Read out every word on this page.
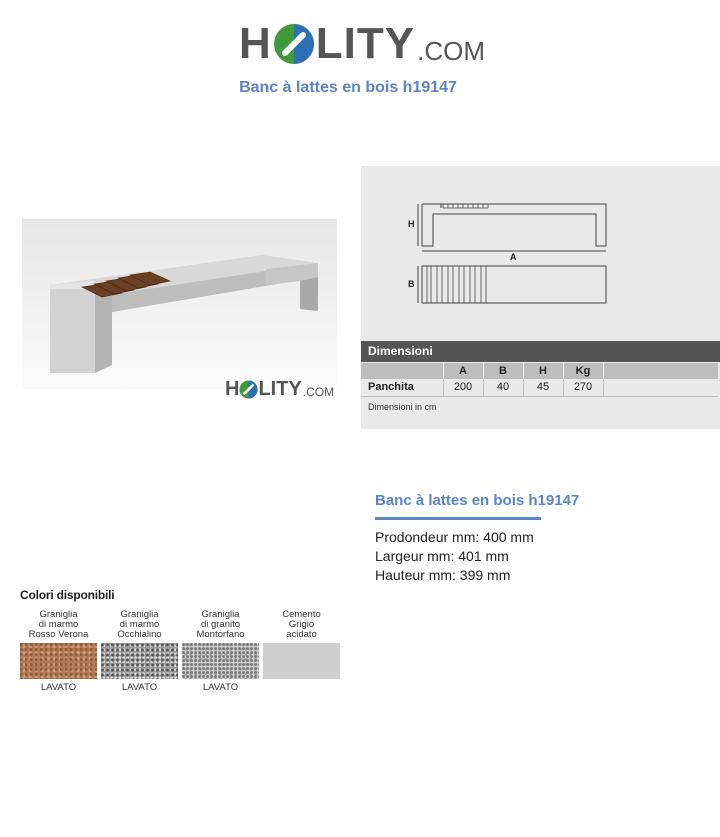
H LITY .COM
Banc à lattes en bois h19147
H LITY .COM
H
A
B
Dimensioni
	A	B	H	Kg	
Panchita	200	40	45	270	
Dimensioni in cm
Colori disponibili
Graniglia
di marmo
Rosso Verona
LAVATO
Graniglia
di marmo
Occhialino
LAVATO
Graniglia
di granito
Montorfano
LAVATO
Cemento
Grigio
acidato
Banc à lattes en bois h19147
Prodondeur mm: 400 mm
Largeur mm: 401 mm
Hauteur mm: 399 mm
